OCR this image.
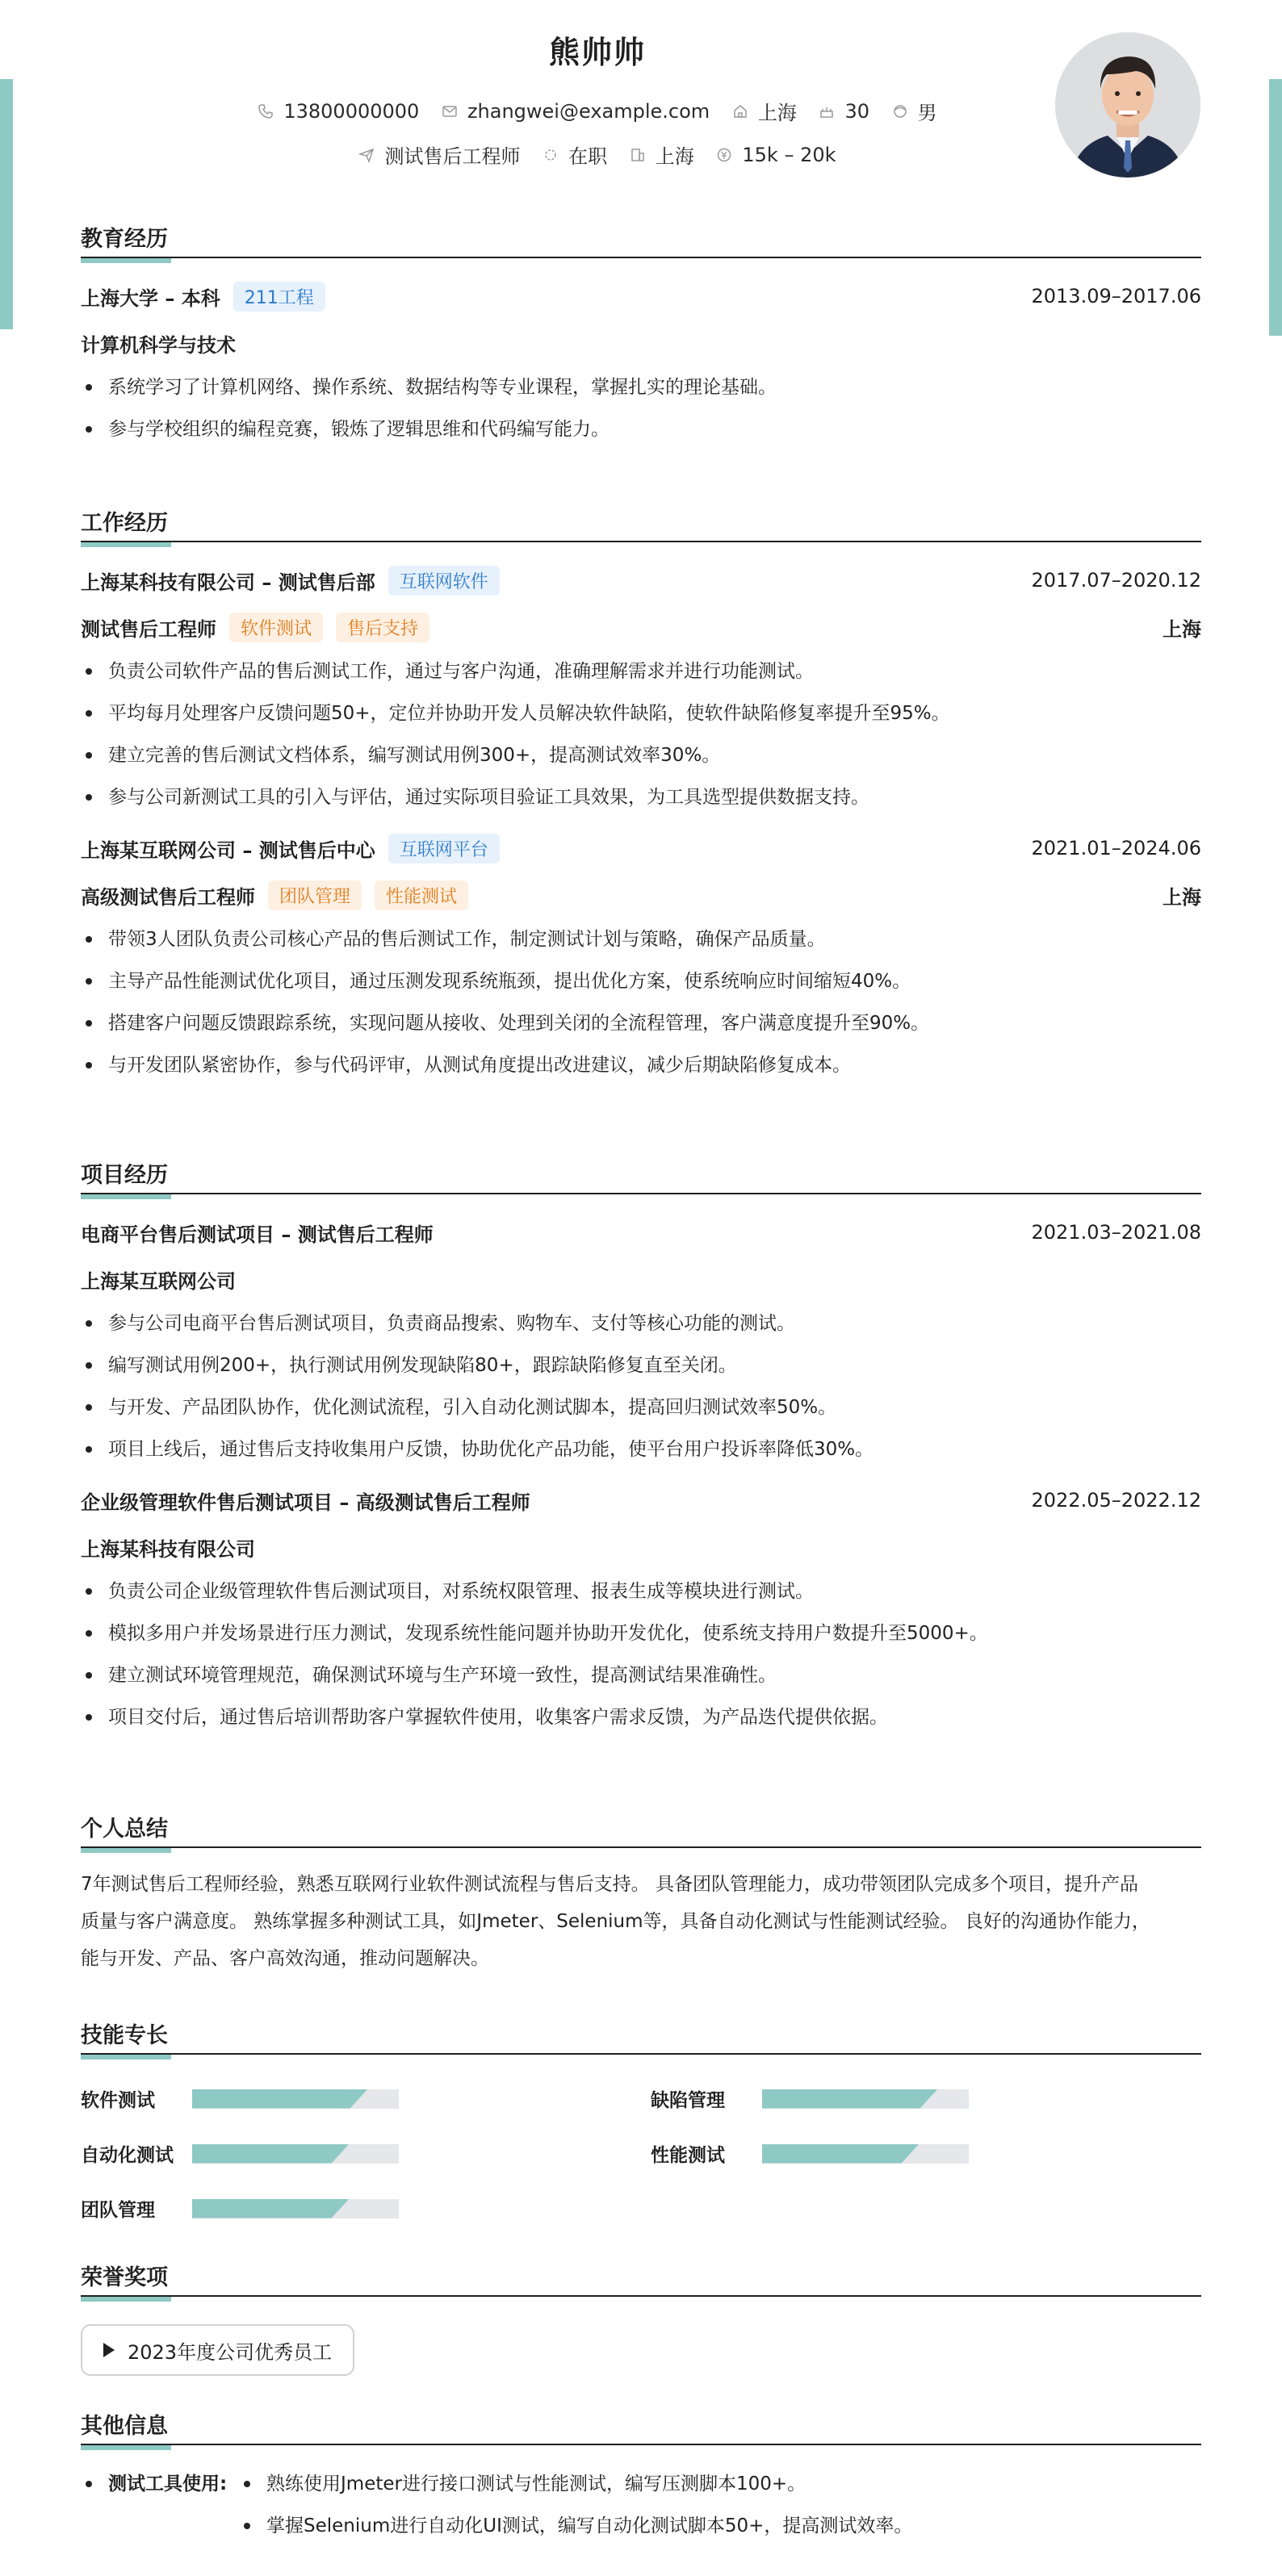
熊帅帅
13800000000
zhangwei@example.com
上海
30
男
测试售后工程师
在职
上海
15k – 20k
教育经历
上海大学 – 本科	211工程	2013.09–2017.06
计算机科学与技术
系统学习了计算机网络、操作系统、数据结构等专业课程，掌握扎实的理论基础。
参与学校组织的编程竞赛，锻炼了逻辑思维和代码编写能力。
工作经历
上海某科技有限公司 – 测试售后部	互联网软件	2017.07–2020.12
测试售后工程师	软件测试	售后支持	上海
负责公司软件产品的售后测试工作，通过与客户沟通，准确理解需求并进行功能测试。
平均每月处理客户反馈问题50+，定位并协助开发人员解决软件缺陷，使软件缺陷修复率提升至95%。
建立完善的售后测试文档体系，编写测试用例300+，提高测试效率30%。
参与公司新测试工具的引入与评估，通过实际项目验证工具效果，为工具选型提供数据支持。
上海某互联网公司 – 测试售后中心	互联网平台	2021.01–2024.06
高级测试售后工程师	团队管理	性能测试	上海
带领3人团队负责公司核心产品的售后测试工作，制定测试计划与策略，确保产品质量。
主导产品性能测试优化项目，通过压测发现系统瓶颈，提出优化方案，使系统响应时间缩短40%。
搭建客户问题反馈跟踪系统，实现问题从接收、处理到关闭的全流程管理，客户满意度提升至90%。
与开发团队紧密协作，参与代码评审，从测试角度提出改进建议，减少后期缺陷修复成本。
项目经历
电商平台售后测试项目 – 测试售后工程师	2021.03–2021.08
上海某互联网公司
参与公司电商平台售后测试项目，负责商品搜索、购物车、支付等核心功能的测试。
编写测试用例200+，执行测试用例发现缺陷80+，跟踪缺陷修复直至关闭。
与开发、产品团队协作，优化测试流程，引入自动化测试脚本，提高回归测试效率50%。
项目上线后，通过售后支持收集用户反馈，协助优化产品功能，使平台用户投诉率降低30%。
企业级管理软件售后测试项目 – 高级测试售后工程师	2022.05–2022.12
上海某科技有限公司
负责公司企业级管理软件售后测试项目，对系统权限管理、报表生成等模块进行测试。
模拟多用户并发场景进行压力测试，发现系统性能问题并协助开发优化，使系统支持用户数提升至5000+。
建立测试环境管理规范，确保测试环境与生产环境一致性，提高测试结果准确性。
项目交付后，通过售后培训帮助客户掌握软件使用，收集客户需求反馈，为产品迭代提供依据。
个人总结
7年测试售后工程师经验，熟悉互联网行业软件测试流程与售后支持。 具备团队管理能力，成功带领团队完成多个项目，提升产品
质量与客户满意度。 熟练掌握多种测试工具，如Jmeter、Selenium等，具备自动化测试与性能测试经验。 良好的沟通协作能力，
能与开发、产品、客户高效沟通，推动问题解决。
技能专长
软件测试	缺陷管理
自动化测试	性能测试
团队管理
荣誉奖项
2023年度公司优秀员工
其他信息
测试工具使用:	熟练使用Jmeter进行接口测试与性能测试，编写压测脚本100+。
掌握Selenium进行自动化UI测试，编写自动化测试脚本50+，提高测试效率。
